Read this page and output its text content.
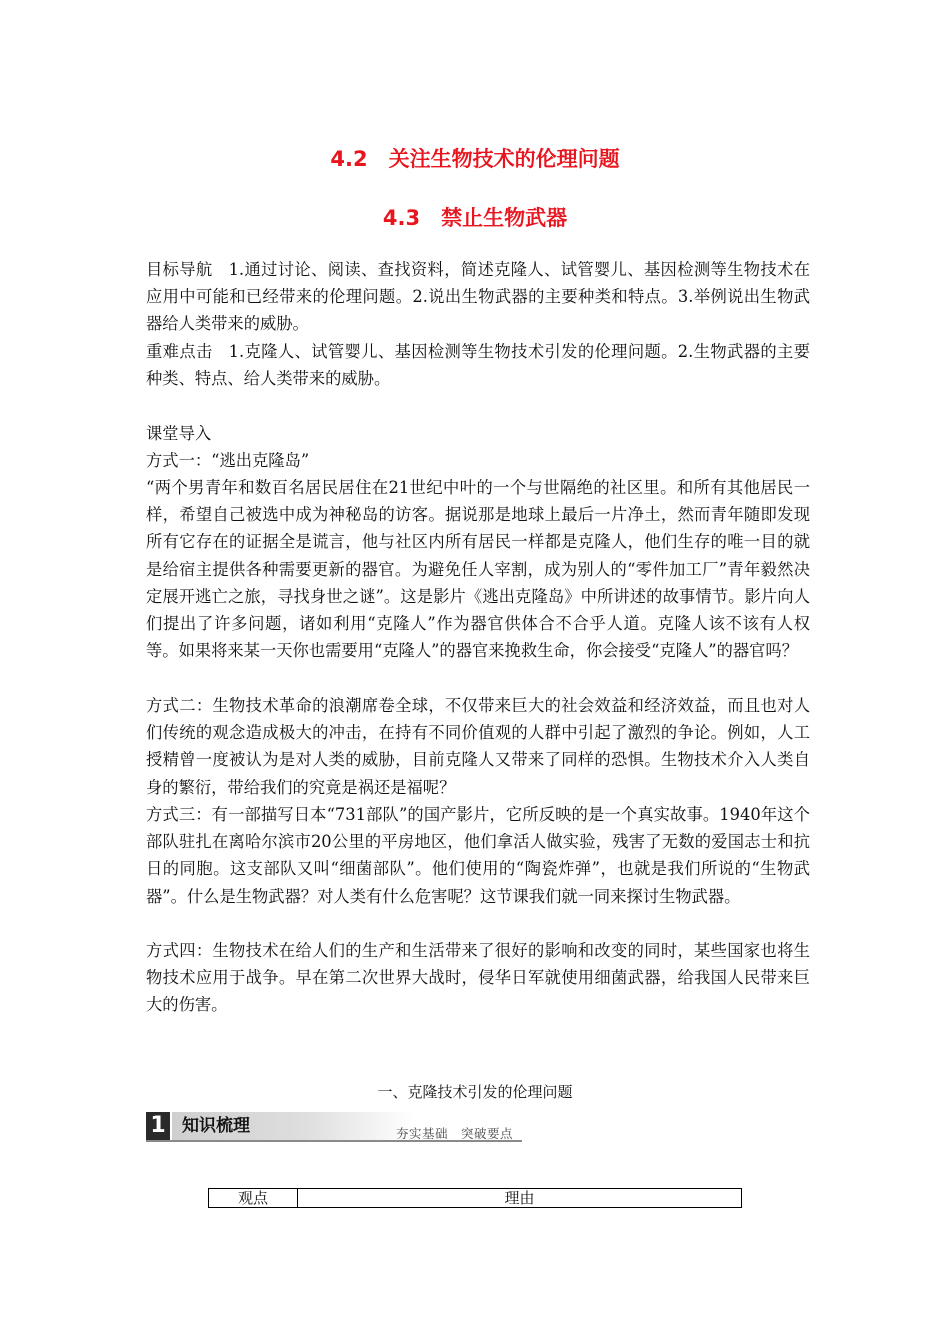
4.2　关注生物技术的伦理问题
4.3　禁止生物武器

目标导航 1.通过讨论、阅读、查找资料，简述克隆人、试管婴儿、基因检测等生物技术在应用中可能和已经带来的伦理问题。2.说出生物武器的主要种类和特点。3.举例说出生物武器给人类带来的威胁。

重难点击 1.克隆人、试管婴儿、基因检测等生物技术引发的伦理问题。2.生物武器的主要种类、特点、给人类带来的威胁。

课堂导入

方式一：“逃出克隆岛”

“两个男青年和数百名居民居住在21世纪中叶的一个与世隔绝的社区里。和所有其他居民一样，希望自己被选中成为神秘岛的访客。据说那是地球上最后一片净土，然而青年随即发现所有它存在的证据全是谎言，他与社区内所有居民一样都是克隆人，他们生存的唯一目的就是给宿主提供各种需要更新的器官。为避免任人宰割，成为别人的“零件加工厂”青年毅然决定展开逃亡之旅，寻找身世之谜”。这是影片《逃出克隆岛》中所讲述的故事情节。影片向人们提出了许多问题，诸如利用“克隆人”作为器官供体合不合乎人道。克隆人该不该有人权等。如果将来某一天你也需要用“克隆人”的器官来挽救生命，你会接受“克隆人”的器官吗？

方式二：生物技术革命的浪潮席卷全球，不仅带来巨大的社会效益和经济效益，而且也对人们传统的观念造成极大的冲击，在持有不同价值观的人群中引起了激烈的争论。例如，人工授精曾一度被认为是对人类的威胁，目前克隆人又带来了同样的恐惧。生物技术介入人类自身的繁衍，带给我们的究竟是祸还是福呢？

方式三：有一部描写日本“731部队”的国产影片，它所反映的是一个真实故事。1940年这个部队驻扎在离哈尔滨市20公里的平房地区，他们拿活人做实验，残害了无数的爱国志士和抗日的同胞。这支部队又叫“细菌部队”。他们使用的“陶瓷炸弹”，也就是我们所说的“生物武器”。什么是生物武器？对人类有什么危害呢？这节课我们就一同来探讨生物武器。

方式四：生物技术在给人们的生产和生活带来了很好的影响和改变的同时，某些国家也将生物技术应用于战争。早在第二次世界大战时，侵华日军就使用细菌武器，给我国人民带来巨大的伤害。

一、克隆技术引发的伦理问题
1 知识梳理	夯实基础　突破要点
观点	理由
